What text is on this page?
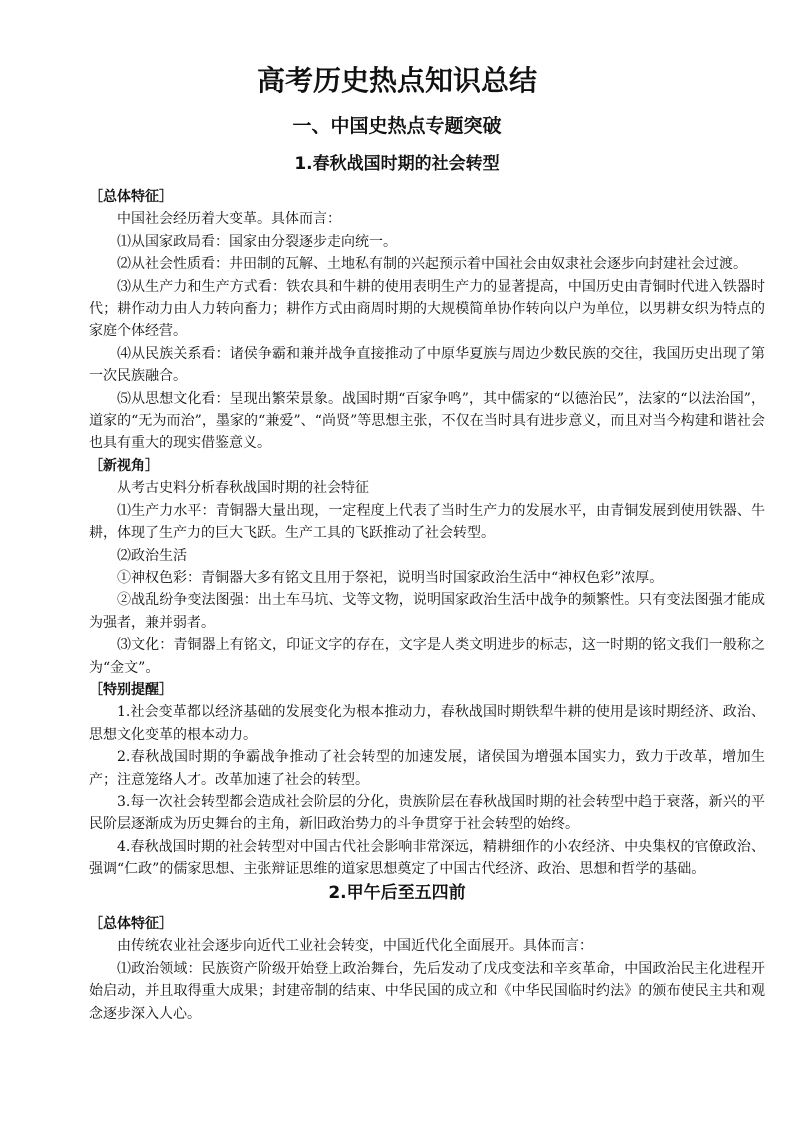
高考历史热点知识总结
一、中国史热点专题突破
1.春秋战国时期的社会转型

［总体特征］

中国社会经历着大变革。具体而言：

⑴从国家政局看：国家由分裂逐步走向统一。

⑵从社会性质看：井田制的瓦解、土地私有制的兴起预示着中国社会由奴隶社会逐步向封建社会过渡。

⑶从生产力和生产方式看：铁农具和牛耕的使用表明生产力的显著提高，中国历史由青铜时代进入铁器时代；耕作动力由人力转向畜力；耕作方式由商周时期的大规模简单协作转向以户为单位，以男耕女织为特点的家庭个体经营。

⑷从民族关系看：诸侯争霸和兼并战争直接推动了中原华夏族与周边少数民族的交往，我国历史出现了第一次民族融合。

⑸从思想文化看：呈现出繁荣景象。战国时期“百家争鸣”，其中儒家的“以德治民”，法家的“以法治国”，道家的“无为而治”，墨家的“兼爱”、“尚贤”等思想主张，不仅在当时具有进步意义，而且对当今构建和谐社会也具有重大的现实借鉴意义。

［新视角］

从考古史料分析春秋战国时期的社会特征

⑴生产力水平：青铜器大量出现，一定程度上代表了当时生产力的发展水平，由青铜发展到使用铁器、牛耕，体现了生产力的巨大飞跃。生产工具的飞跃推动了社会转型。

⑵政治生活

①神权色彩：青铜器大多有铭文且用于祭祀，说明当时国家政治生活中“神权色彩”浓厚。

②战乱纷争变法图强：出土车马坑、戈等文物，说明国家政治生活中战争的频繁性。只有变法图强才能成为强者，兼并弱者。

⑶文化：青铜器上有铭文，印证文字的存在，文字是人类文明进步的标志，这一时期的铭文我们一般称之为“金文”。

［特别提醒］

1.社会变革都以经济基础的发展变化为根本推动力，春秋战国时期铁犁牛耕的使用是该时期经济、政治、思想文化变革的根本动力。

2.春秋战国时期的争霸战争推动了社会转型的加速发展，诸侯国为增强本国实力，致力于改革，增加生产；注意笼络人才。改革加速了社会的转型。

3.每一次社会转型都会造成社会阶层的分化，贵族阶层在春秋战国时期的社会转型中趋于衰落，新兴的平民阶层逐渐成为历史舞台的主角，新旧政治势力的斗争贯穿于社会转型的始终。

4.春秋战国时期的社会转型对中国古代社会影响非常深远，精耕细作的小农经济、中央集权的官僚政治、强调“仁政”的儒家思想、主张辩证思维的道家思想奠定了中国古代经济、政治、思想和哲学的基础。

2.甲午后至五四前

［总体特征］

由传统农业社会逐步向近代工业社会转变，中国近代化全面展开。具体而言：

⑴政治领域：民族资产阶级开始登上政治舞台，先后发动了戊戌变法和辛亥革命，中国政治民主化进程开始启动，并且取得重大成果；封建帝制的结束、中华民国的成立和《中华民国临时约法》的颁布使民主共和观念逐步深入人心。
